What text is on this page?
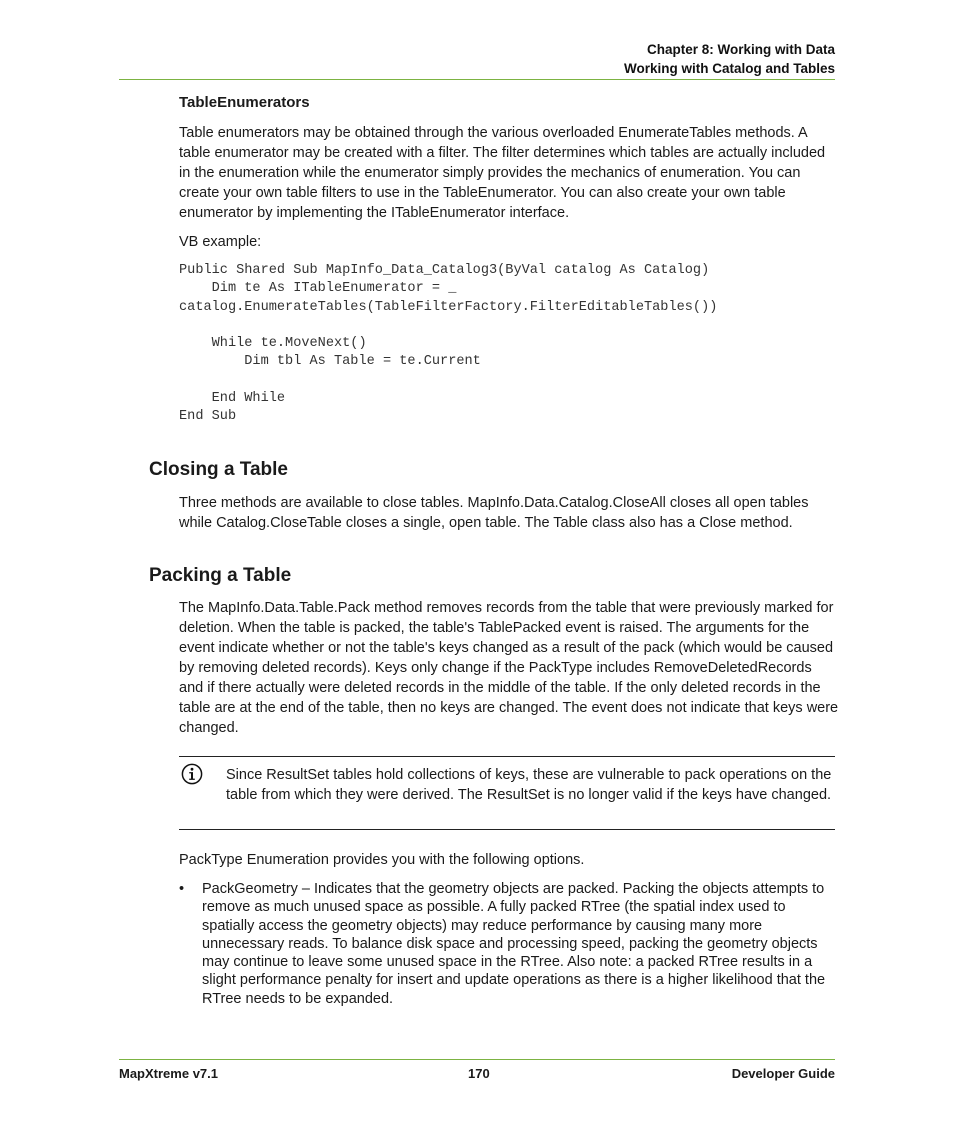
Chapter 8: Working with Data
Working with Catalog and Tables
TableEnumerators

Table enumerators may be obtained through the various overloaded EnumerateTables methods. A table enumerator may be created with a filter. The filter determines which tables are actually included in the enumeration while the enumerator simply provides the mechanics of enumeration. You can create your own table filters to use in the TableEnumerator. You can also create your own table enumerator by implementing the ITableEnumerator interface.

VB example:

Public Shared Sub MapInfo_Data_Catalog3(ByVal catalog As Catalog)
Dim te As ITableEnumerator = _
catalog.EnumerateTables(TableFilterFactory.FilterEditableTables())

While te.MoveNext()
Dim tbl As Table = te.Current

End While
End Sub
Closing a Table

Three methods are available to close tables. MapInfo.Data.Catalog.CloseAll closes all open tables while Catalog.CloseTable closes a single, open table. The Table class also has a Close method.

Packing a Table

The MapInfo.Data.Table.Pack method removes records from the table that were previously marked for deletion. When the table is packed, the table's TablePacked event is raised. The arguments for the event indicate whether or not the table's keys changed as a result of the pack (which would be caused by removing deleted records). Keys only change if the PackType includes RemoveDeletedRecords and if there actually were deleted records in the middle of the table. If the only deleted records in the table are at the end of the table, then no keys are changed. The event does not indicate that keys were changed.

Since ResultSet tables hold collections of keys, these are vulnerable to pack operations on the table from which they were derived. The ResultSet is no longer valid if the keys have changed.

PackType Enumeration provides you with the following options.

• PackGeometry – Indicates that the geometry objects are packed. Packing the objects attempts to remove as much unused space as possible. A fully packed RTree (the spatial index used to spatially access the geometry objects) may reduce performance by causing many more unnecessary reads. To balance disk space and processing speed, packing the geometry objects may continue to leave some unused space in the RTree. Also note: a packed RTree results in a slight performance penalty for insert and update operations as there is a higher likelihood that the RTree needs to be expanded.

MapXtreme v7.1	170	Developer Guide
